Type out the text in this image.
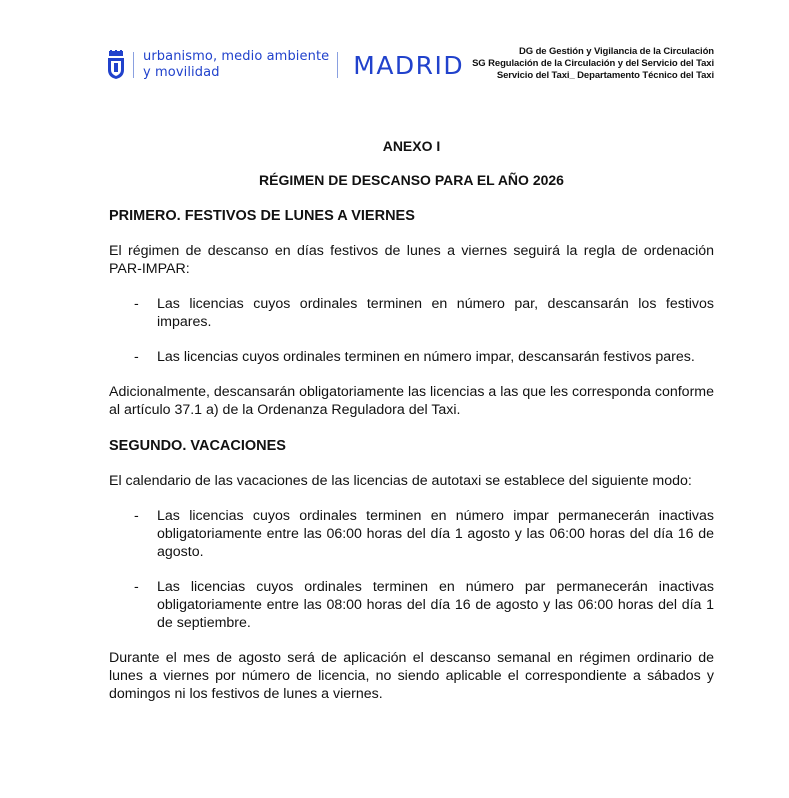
urbanismo, medio ambiente
y movilidad	MADRID	DG de Gestión y Vigilancia de la Circulación
SG Regulación de la Circulación y del Servicio del Taxi
Servicio del Taxi_ Departamento Técnico del Taxi
ANEXO I
RÉGIMEN DE DESCANSO PARA EL AÑO 2026
PRIMERO. FESTIVOS DE LUNES A VIERNES

El régimen de descanso en días festivos de lunes a viernes seguirá la regla de ordenación PAR-IMPAR:

-	Las licencias cuyos ordinales terminen en número par, descansarán los festivos impares.
-	Las licencias cuyos ordinales terminen en número impar, descansarán festivos pares.

Adicionalmente, descansarán obligatoriamente las licencias a las que les corresponda conforme al artículo 37.1 a) de la Ordenanza Reguladora del Taxi.

SEGUNDO. VACACIONES

El calendario de las vacaciones de las licencias de autotaxi se establece del siguiente modo:

-	Las licencias cuyos ordinales terminen en número impar permanecerán inactivas obligatoriamente entre las 06:00 horas del día 1 agosto y las 06:00 horas del día 16 de agosto.
-	Las licencias cuyos ordinales terminen en número par permanecerán inactivas obligatoriamente entre las 08:00 horas del día 16 de agosto y las 06:00 horas del día 1 de septiembre.

Durante el mes de agosto será de aplicación el descanso semanal en régimen ordinario de lunes a viernes por número de licencia, no siendo aplicable el correspondiente a sábados y domingos ni los festivos de lunes a viernes.
